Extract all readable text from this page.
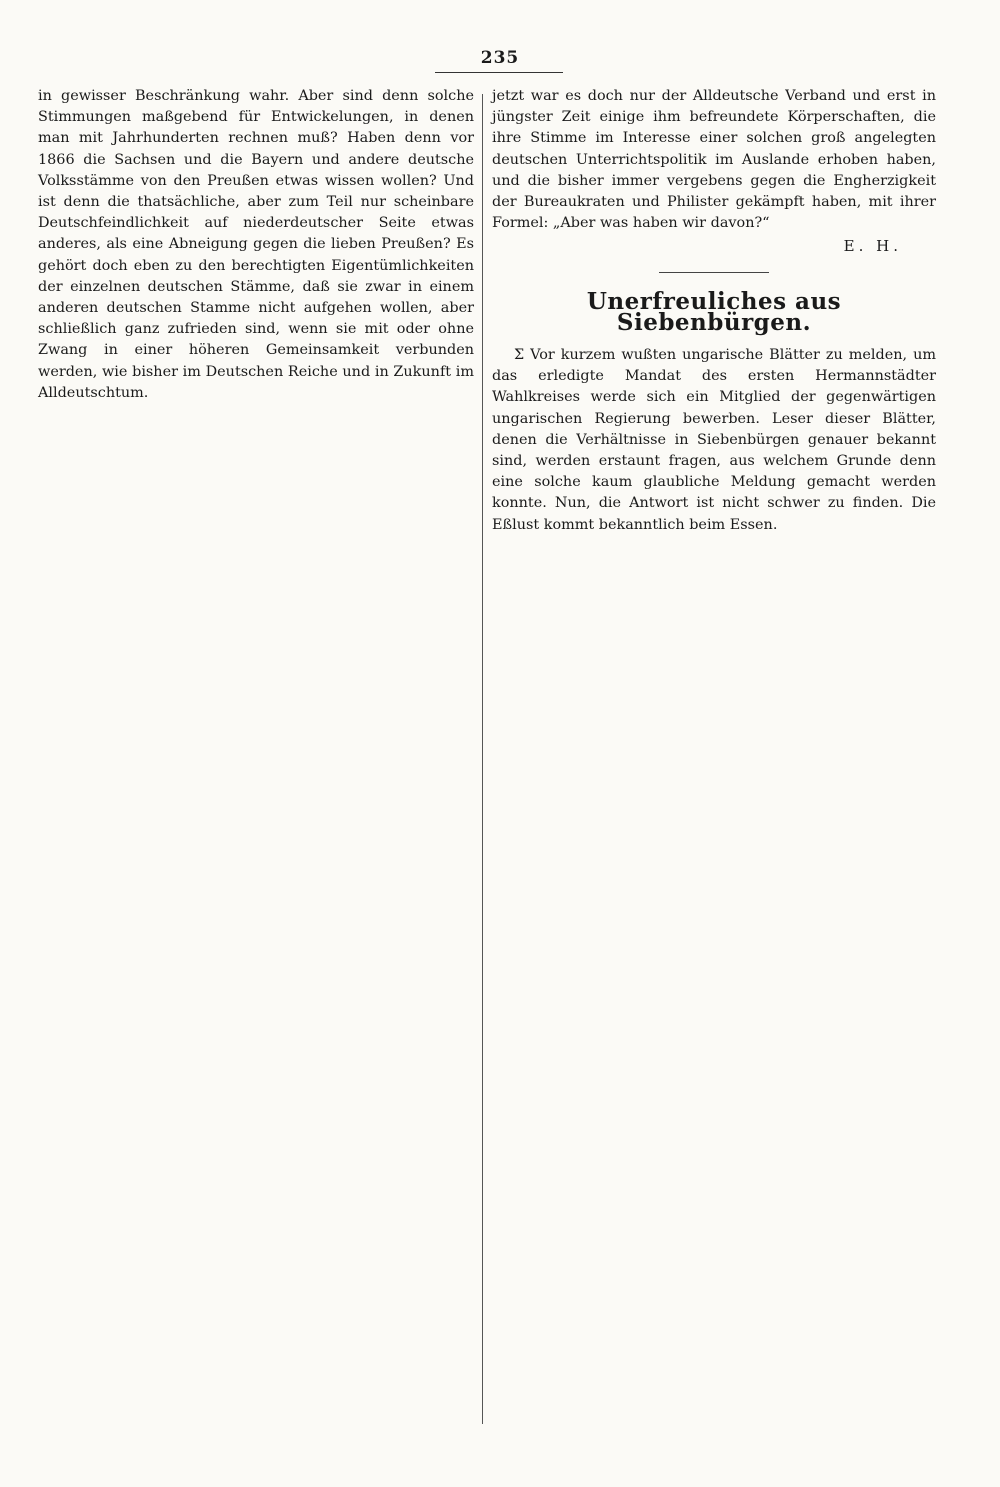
235

in gewisser Beschränkung wahr. Aber sind denn solche Stimmungen maßgebend für Entwickelungen, in denen man mit Jahrhunderten rechnen muß? Haben denn vor 1866 die Sachsen und die Bayern und andere deutsche Volksstämme von den Preußen etwas wissen wollen? Und ist denn die thatsächliche, aber zum Teil nur scheinbare Deutschfeindlichkeit auf niederdeutscher Seite etwas anderes, als eine Abneigung gegen die lieben Preußen? Es gehört doch eben zu den berechtigten Eigentümlichkeiten der einzelnen deutschen Stämme, daß sie zwar in einem anderen deutschen Stamme nicht aufgehen wollen, aber schließlich ganz zufrieden sind, wenn sie mit oder ohne Zwang in einer höheren Gemeinsamkeit verbunden werden, wie bisher im Deutschen Reiche und in Zukunft im Alldeutschtum.

jetzt war es doch nur der Alldeutsche Verband und erst in jüngster Zeit einige ihm befreundete Körperschaften, die ihre Stimme im Interesse einer solchen groß angelegten deutschen Unterrichtspolitik im Auslande erhoben haben, und die bisher immer vergebens gegen die Engherzigkeit der Bureaukraten und Philister gekämpft haben, mit ihrer Formel: „Aber was haben wir davon?“

E. H.
Unerfreuliches aus Siebenbürgen.

Σ Vor kurzem wußten ungarische Blätter zu melden, um das erledigte Mandat des ersten Hermannstädter Wahlkreises werde sich ein Mitglied der gegenwärtigen ungarischen Regierung bewerben. Leser dieser Blätter, denen die Verhältnisse in Siebenbürgen genauer bekannt sind, werden erstaunt fragen, aus welchem Grunde denn eine solche kaum glaubliche Meldung gemacht werden konnte. Nun, die Antwort ist nicht schwer zu finden. Die Eßlust kommt bekanntlich beim Essen.
